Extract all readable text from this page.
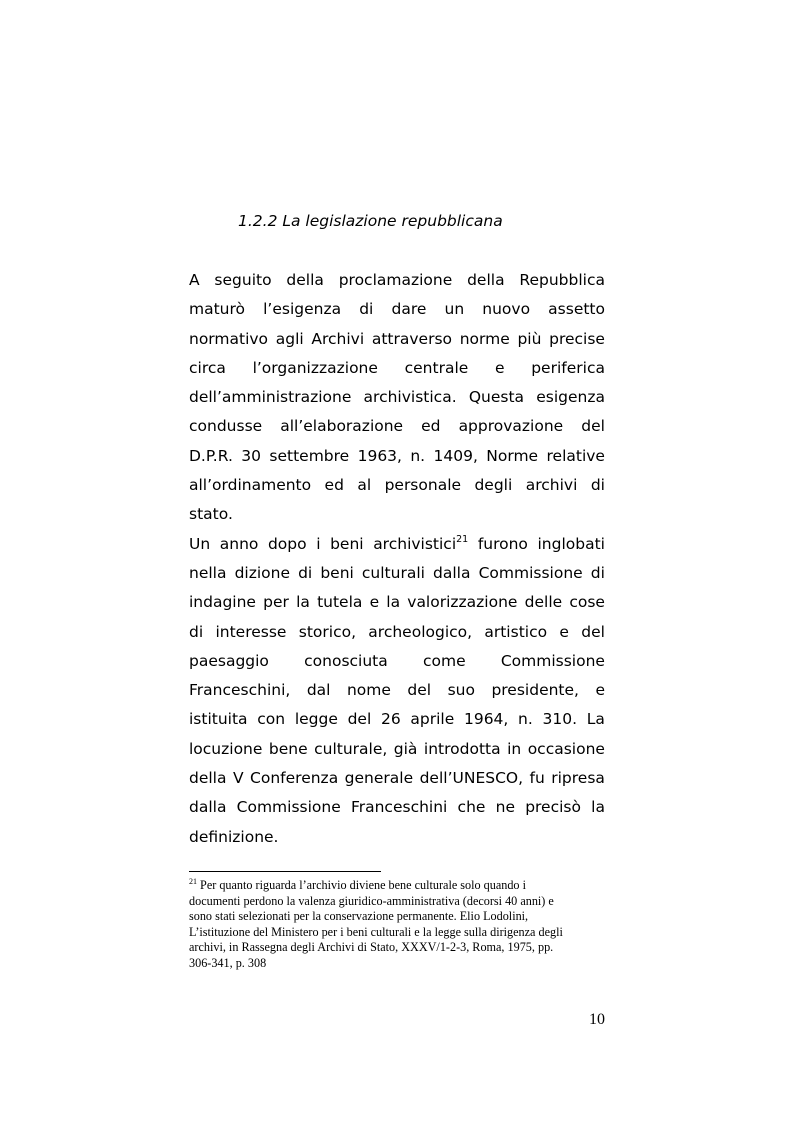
1.2.2 La legislazione repubblicana
A seguito della proclamazione della Repubblica
maturò l’esigenza di dare un nuovo assetto
normativo agli Archivi attraverso norme più precise
circa l’organizzazione centrale e periferica
dell’amministrazione archivistica. Questa esigenza
condusse all’elaborazione ed approvazione del
D.P.R. 30 settembre 1963, n. 1409, Norme relative
all’ordinamento ed al personale degli archivi di
stato.
Un anno dopo i beni archivistici$^{21}$ furono inglobati
nella dizione di beni culturali dalla Commissione di
indagine per la tutela e la valorizzazione delle cose
di interesse storico, archeologico, artistico e del
paesaggio conosciuta come Commissione
Franceschini, dal nome del suo presidente, e
istituita con legge del 26 aprile 1964, n. 310. La
locuzione bene culturale, già introdotta in occasione
della V Conferenza generale dell’UNESCO, fu ripresa
dalla Commissione Franceschini che ne precisò la
definizione.
$^{21}$ Per quanto riguarda l’archivio diviene bene culturale solo quando i
documenti perdono la valenza giuridico-amministrativa (decorsi 40 anni) e
sono stati selezionati per la conservazione permanente. Elio Lodolini,
L’istituzione del Ministero per i beni culturali e la legge sulla dirigenza degli
archivi, in Rassegna degli Archivi di Stato, XXXV/1-2-3, Roma, 1975, pp.
306-341, p. 308
10
